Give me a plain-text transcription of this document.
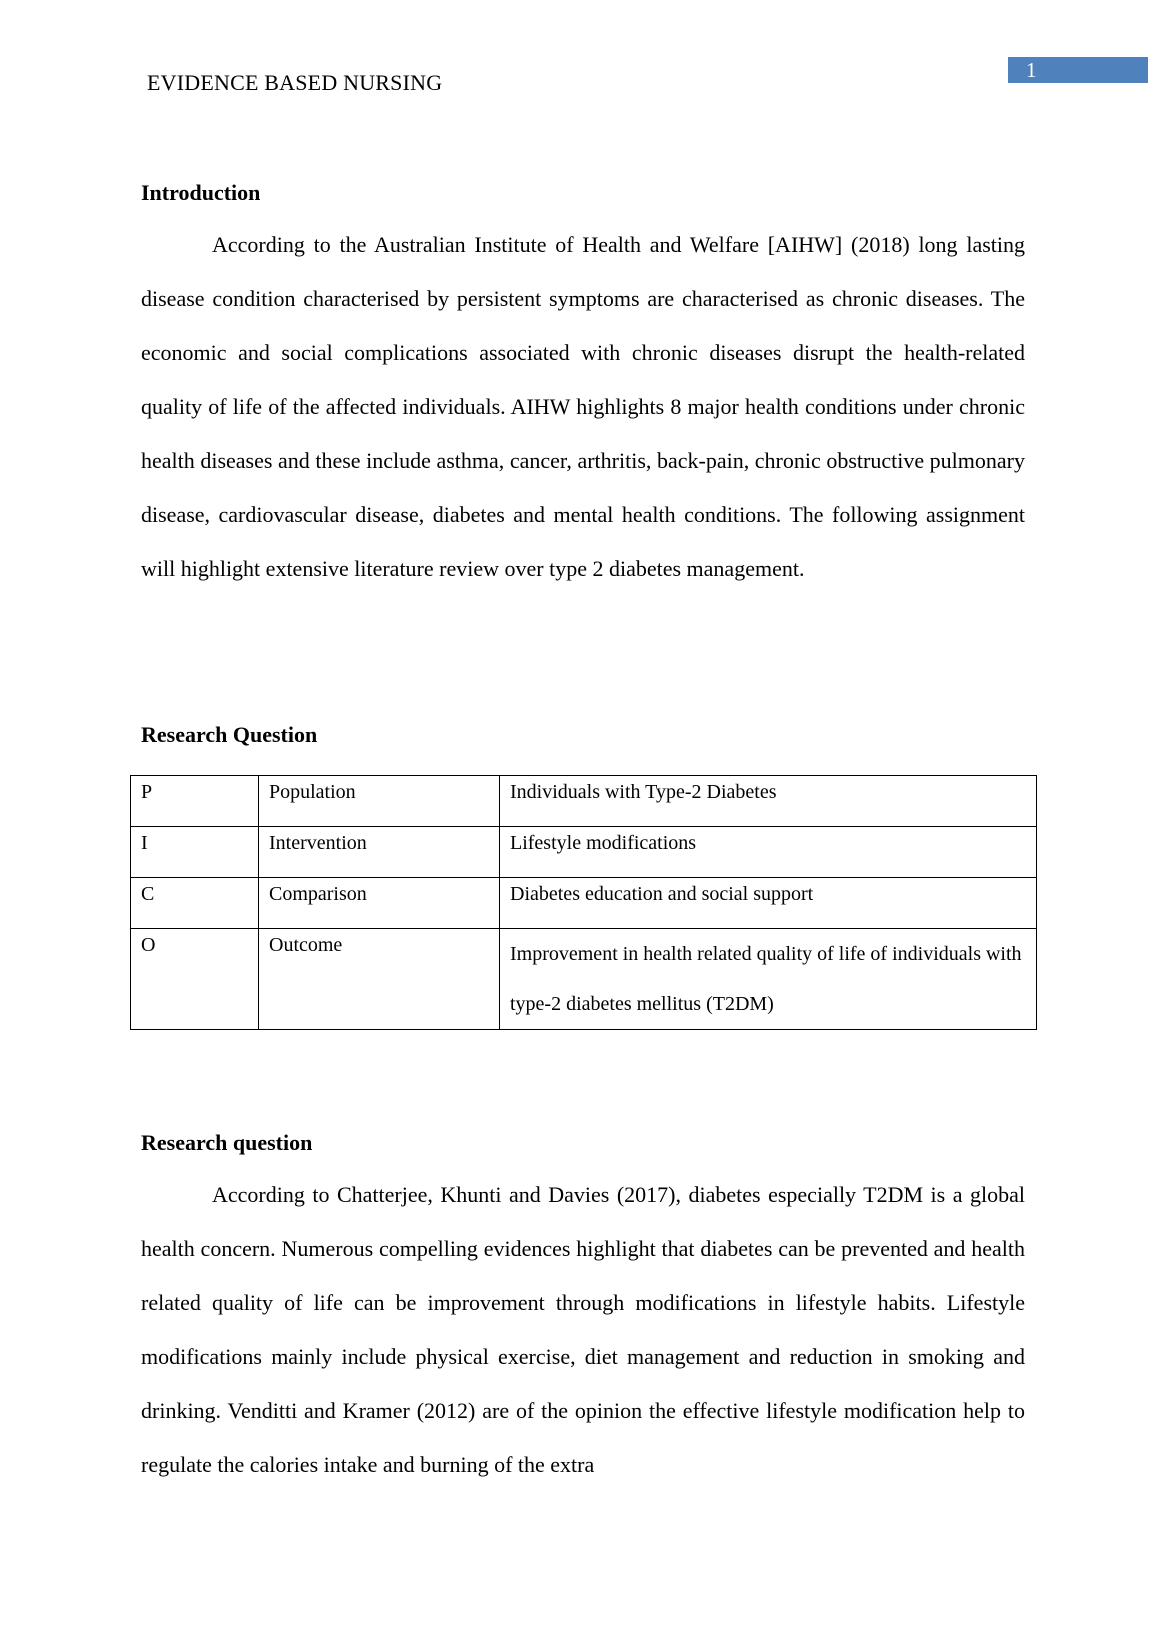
EVIDENCE BASED NURSING	1
Introduction

According to the Australian Institute of Health and Welfare [AIHW] (2018) long lasting disease condition characterised by persistent symptoms are characterised as chronic diseases. The economic and social complications associated with chronic diseases disrupt the health-related quality of life of the affected individuals. AIHW highlights 8 major health conditions under chronic health diseases and these include asthma, cancer, arthritis, back-pain, chronic obstructive pulmonary disease, cardiovascular disease, diabetes and mental health conditions. The following assignment will highlight extensive literature review over type 2 diabetes management.

Research Question
P	Population	Individuals with Type-2 Diabetes
I	Intervention	Lifestyle modifications
C	Comparison	Diabetes education and social support
O	Outcome	Improvement in health related quality of life of individuals with type-2 diabetes mellitus (T2DM)
Research question

According to Chatterjee, Khunti and Davies (2017), diabetes especially T2DM is a global health concern. Numerous compelling evidences highlight that diabetes can be prevented and health related quality of life can be improvement through modifications in lifestyle habits. Lifestyle modifications mainly include physical exercise, diet management and reduction in smoking and drinking. Venditti and Kramer (2012) are of the opinion the effective lifestyle modification help to regulate the calories intake and burning of the extra
